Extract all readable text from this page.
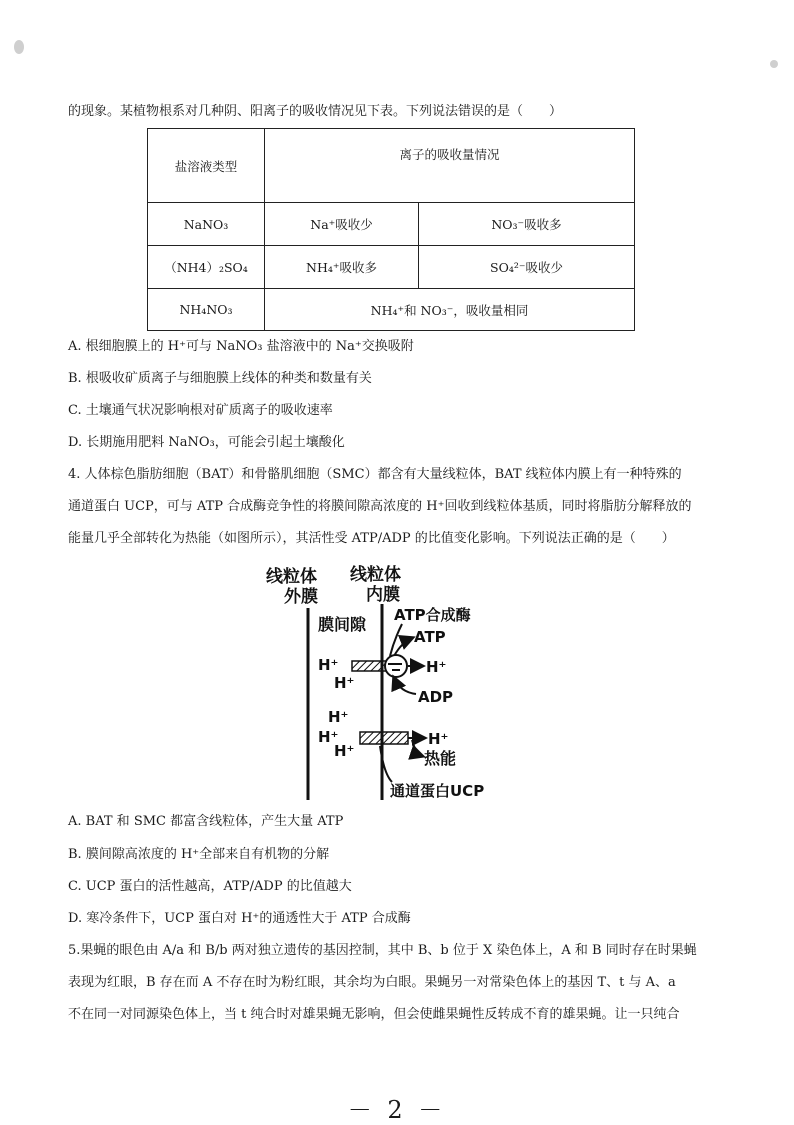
的现象。某植物根系对几种阴、阳离子的吸收情况见下表。下列说法错误的是（　　）
盐溶液类型	离子的吸收量情况	
NaNO₃	Na⁺吸收少	NO₃⁻吸收多
（NH4）₂SO₄	NH₄⁺吸收多	SO₄²⁻吸收少
NH₄NO₃	NH₄⁺和 NO₃⁻，吸收量相同	
A. 根细胞膜上的 H⁺可与 NaNO₃ 盐溶液中的 Na⁺交换吸附
B. 根吸收矿质离子与细胞膜上线体的种类和数量有关
C. 土壤通气状况影响根对矿质离子的吸收速率
D. 长期施用肥料 NaNO₃，可能会引起土壤酸化
4. 人体棕色脂肪细胞（BAT）和骨骼肌细胞（SMC）都含有大量线粒体，BAT 线粒体内膜上有一种特殊的
通道蛋白 UCP，可与 ATP 合成酶竞争性的将膜间隙高浓度的 H⁺回收到线粒体基质，同时将脂肪分解释放的
能量几乎全部转化为热能（如图所示），其活性受 ATP/ADP 的比值变化影响。下列说法正确的是（　　）
线粒体
外膜
线粒体
内膜
膜间隙 ATP合成酶
ATP
H⁺
H⁺
H⁺
ADP
H⁺
H⁺
H⁺
H⁺
热能
通道蛋白UCP
A. BAT 和 SMC 都富含线粒体，产生大量 ATP
B. 膜间隙高浓度的 H⁺全部来自有机物的分解
C. UCP 蛋白的活性越高，ATP/ADP 的比值越大
D. 寒冷条件下，UCP 蛋白对 H⁺的通透性大于 ATP 合成酶
5.果蝇的眼色由 A/a 和 B/b 两对独立遗传的基因控制，其中 B、b 位于 X 染色体上，A 和 B 同时存在时果蝇
表现为红眼，B 存在而 A 不存在时为粉红眼，其余均为白眼。果蝇另一对常染色体上的基因 T、t 与 A、a
不在同一对同源染色体上，当 t 纯合时对雄果蝇无影响，但会使雌果蝇性反转成不育的雄果蝇。让一只纯合
－ 2 －
